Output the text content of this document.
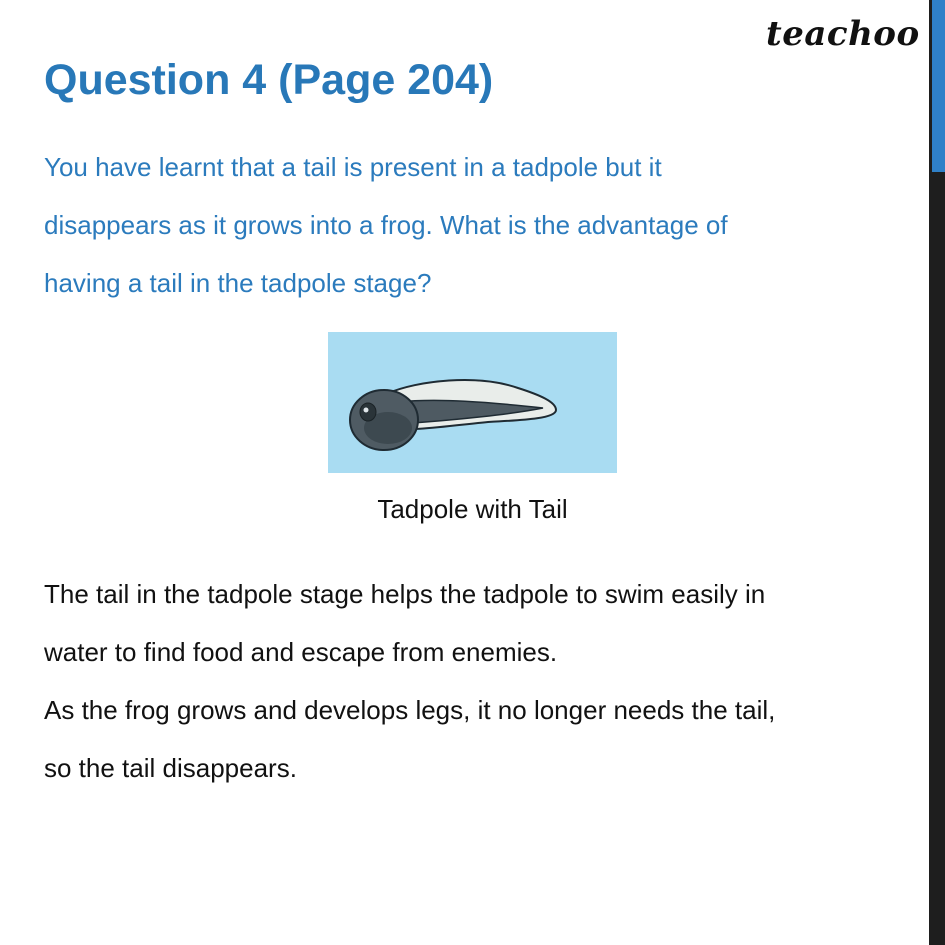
teachoo
Question 4 (Page 204)
You have learnt that a tail is present in a tadpole but it
disappears as it grows into a frog. What is the advantage of
having a tail in the tadpole stage?
Tadpole with Tail
The tail in the tadpole stage helps the tadpole to swim easily in
water to find food and escape from enemies.
As the frog grows and develops legs, it no longer needs the tail,
so the tail disappears.
